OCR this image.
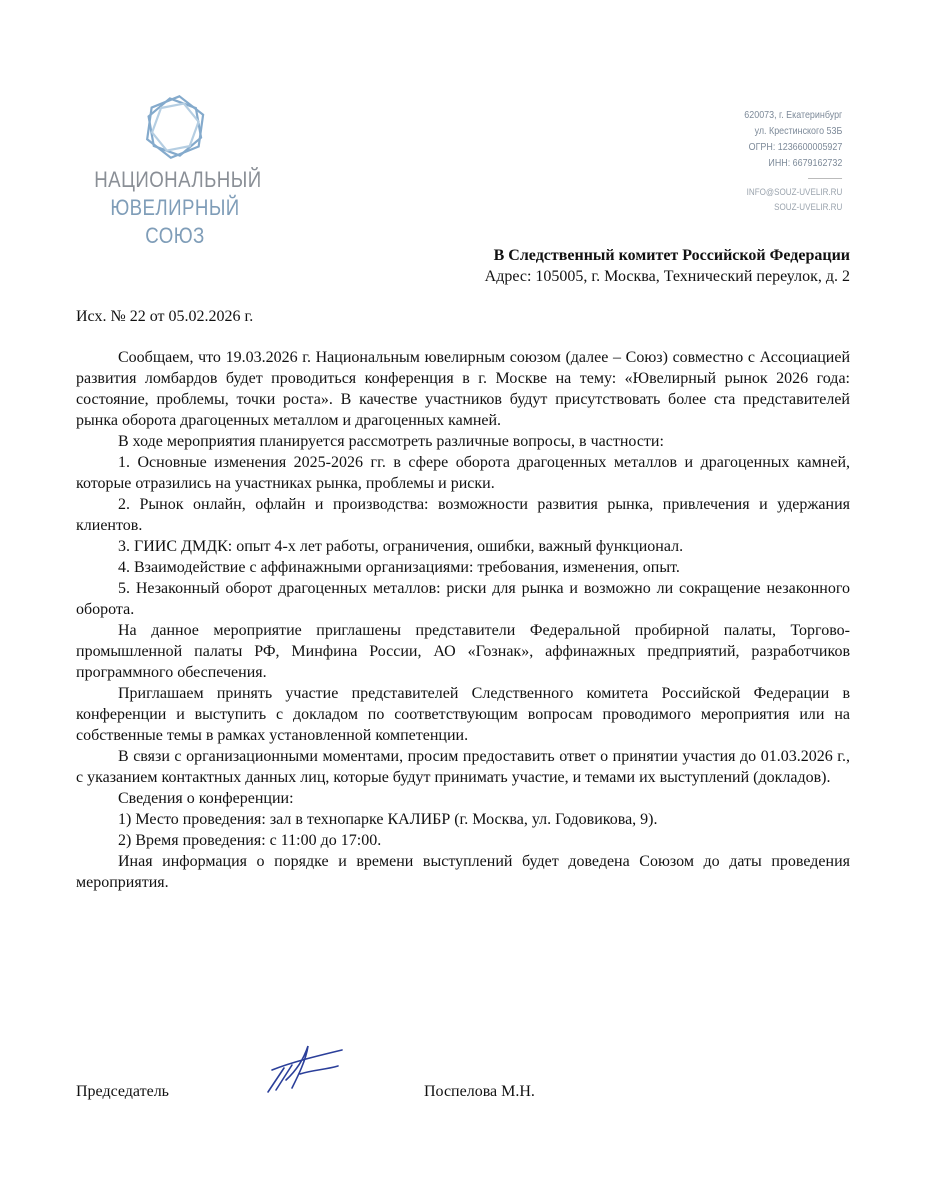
НАЦИОНАЛЬНЫЙ
ЮВЕЛИРНЫЙ СОЮЗ
620073, г. Екатеринбург
ул. Крестинского 53Б
ОГРН: 1236600005927
ИНН: 6679162732
INFO@SOUZ-UVELIR.RU
SOUZ-UVELIR.RU
В Следственный комитет Российской Федерации
Адрес: 105005, г. Москва, Технический переулок, д. 2
Исх. № 22 от 05.02.2026 г.

Сообщаем, что 19.03.2026 г. Национальным ювелирным союзом (далее – Союз) совместно с Ассоциацией развития ломбардов будет проводиться конференция в г. Москве на тему: «Ювелирный рынок 2026 года: состояние, проблемы, точки роста». В качестве участников будут присутствовать более ста представителей рынка оборота драгоценных металлом и драгоценных камней.

В ходе мероприятия планируется рассмотреть различные вопросы, в частности:

1. Основные изменения 2025-2026 гг. в сфере оборота драгоценных металлов и драгоценных камней, которые отразились на участниках рынка, проблемы и риски.

2. Рынок онлайн, офлайн и производства: возможности развития рынка, привлечения и удержания клиентов.

3. ГИИС ДМДК: опыт 4-х лет работы, ограничения, ошибки, важный функционал.

4. Взаимодействие с аффинажными организациями: требования, изменения, опыт.

5. Незаконный оборот драгоценных металлов: риски для рынка и возможно ли сокращение незаконного оборота.

На данное мероприятие приглашены представители Федеральной пробирной палаты, Торгово-промышленной палаты РФ, Минфина России, АО «Гознак», аффинажных предприятий, разработчиков программного обеспечения.

Приглашаем принять участие представителей Следственного комитета Российской Федерации в конференции и выступить с докладом по соответствующим вопросам проводимого мероприятия или на собственные темы в рамках установленной компетенции.

В связи с организационными моментами, просим предоставить ответ о принятии участия до 01.03.2026 г., с указанием контактных данных лиц, которые будут принимать участие, и темами их выступлений (докладов).

Сведения о конференции:

1) Место проведения: зал в технопарке КАЛИБР (г. Москва, ул. Годовикова, 9).

2) Время проведения: с 11:00 до 17:00.

Иная информация о порядке и времени выступлений будет доведена Союзом до даты проведения мероприятия.

Председатель	Поспелова М.Н.
